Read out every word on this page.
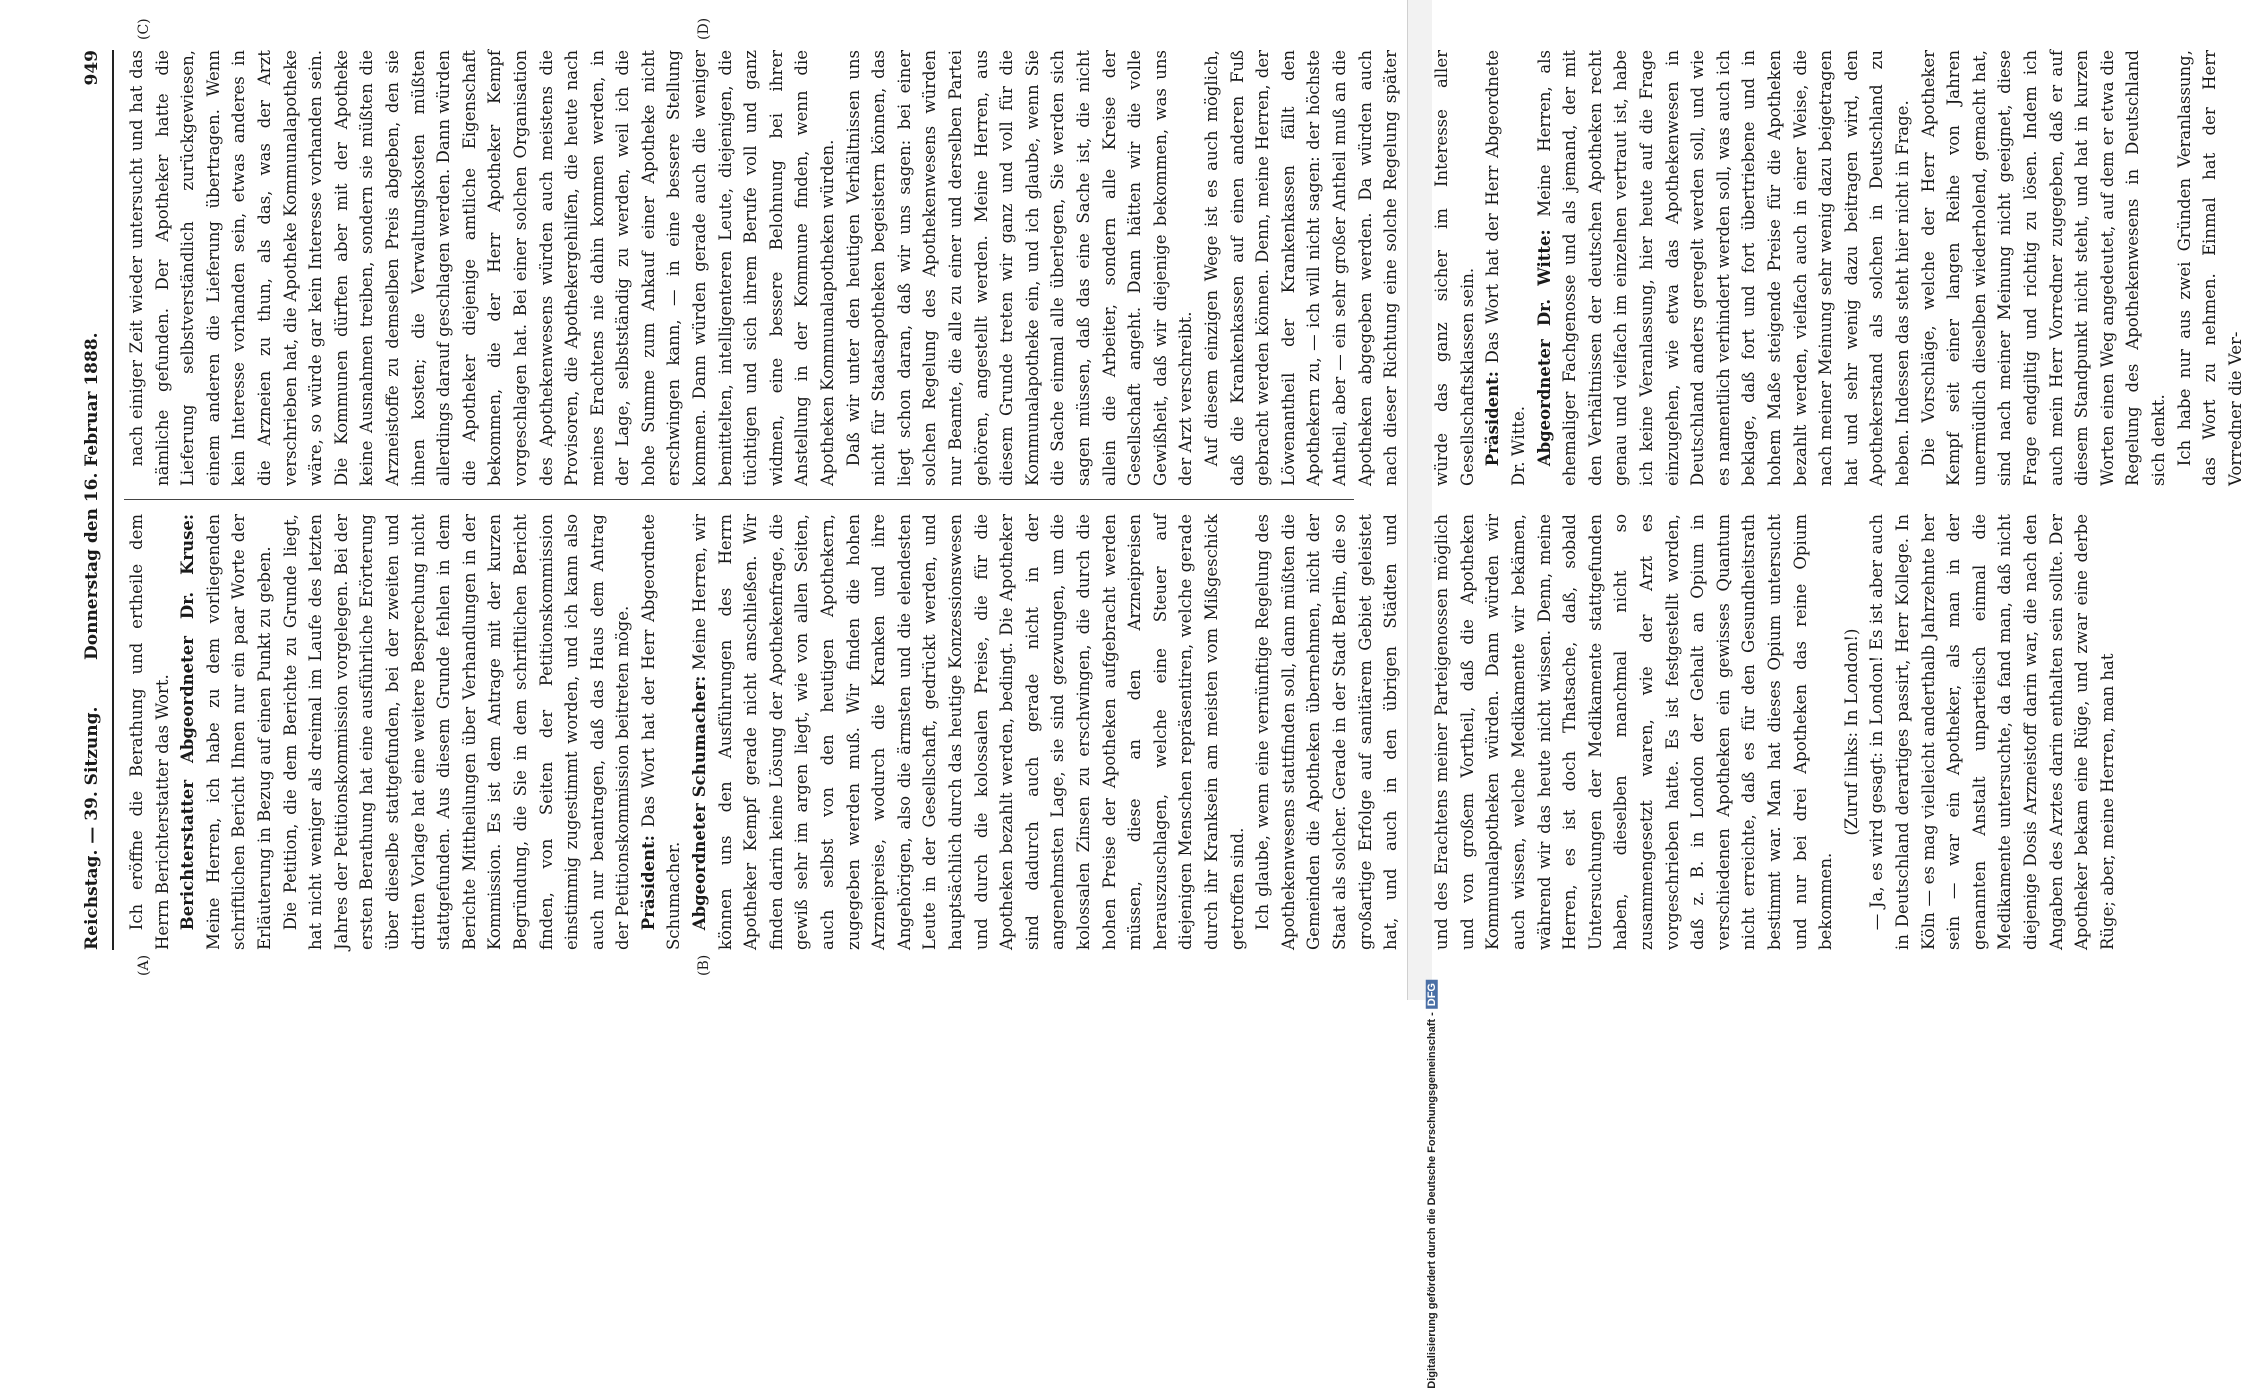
Reichstag. — 39. Sitzung.
Donnerstag den 16. Februar 1888.
949
(A)	(B)
(C)	(D)

Ich eröffne die Berathung und ertheile dem Herrn Berichterstatter das Wort. Berichterstatter Abgeordneter Dr. Kruse: Meine Herren, ich habe zu dem vorliegenden schriftlichen Bericht Ihnen nur ein paar Worte der Erläuterung in Bezug auf einen Punkt zu geben. Die Petition, die dem Berichte zu Grunde liegt, hat nicht weniger als dreimal im Laufe des letzten Jahres der Petitionskommission vorgelegen. Bei der ersten Berathung hat eine ausführliche Erörterung über dieselbe stattgefunden, bei der zweiten und dritten Vorlage hat eine weitere Besprechung nicht stattgefunden. Aus diesem Grunde fehlen in dem Berichte Mittheilungen über Verhandlungen in der Kommission. Es ist dem Antrage mit der kurzen Begründung, die Sie in dem schriftlichen Bericht finden, von Seiten der Petitionskommission einstimmig zugestimmt worden, und ich kann also auch nur beantragen, daß das Haus dem Antrag der Petitionskommission beitreten möge. Präsident: Das Wort hat der Herr Abgeordnete Schumacher. Abgeordneter Schumacher: Meine Herren, wir können uns den Ausführungen des Herrn Apotheker Kempf gerade nicht anschließen. Wir finden darin keine Lösung der Apothekenfrage, die gewiß sehr im argen liegt, wie von allen Seiten, auch selbst von den heutigen Apothekern, zugegeben werden muß. Wir finden die hohen Arzneipreise, wodurch die Kranken und ihre Angehörigen, also die ärmsten und die elendesten Leute in der Gesellschaft, gedrückt werden, und hauptsächlich durch das heutige Konzessionswesen und durch die kolossalen Preise, die für die Apotheken bezahlt werden, bedingt. Die Apotheker sind dadurch auch gerade nicht in der angenehmsten Lage, sie sind gezwungen, um die kolossalen Zinsen zu erschwingen, die durch die hohen Preise der Apotheken aufgebracht werden müssen, diese an den Arzneipreisen herauszuschlagen, welche eine Steuer auf diejenigen Menschen repräsentiren, welche gerade durch ihr Kranksein am meisten vom Mißgeschick getroffen sind. Ich glaube, wenn eine vernünftige Regelung des Apothekenwesens stattfinden soll, dann müßten die Gemeinden die Apotheken übernehmen, nicht der Staat als solcher. Gerade in der Stadt Berlin, die so großartige Erfolge auf sanitärem Gebiet geleistet hat, und auch in den übrigen Städten und und des Erachtens meiner Parteigenossen möglich und von großem Vortheil, daß die Apotheken Kommunalapotheken würden. Dann würden wir auch wissen, welche Medikamente wir bekämen, während wir das heute nicht wissen. Denn, meine Herren, es ist doch Thatsache, daß, sobald Untersuchungen der Medikamente stattgefunden haben, dieselben manchmal nicht so zusammengesetzt waren, wie der Arzt es vorgeschrieben hatte. Es ist festgestellt worden, daß z. B. in London der Gehalt an Opium in verschiedenen Apotheken ein gewisses Quantum nicht erreichte, daß es für den Gesundheitsrath bestimmt war. Man hat dieses Opium untersucht und nur bei drei Apotheken das reine Opium bekommen.

(Zuruf links: In London!) — Ja, es wird gesagt: in London! Es ist aber auch in Deutschland derartiges passirt, Herr Kollege. In Köln — es mag vielleicht anderthalb Jahrzehnte her sein — war ein Apotheker, als man in der genannten Anstalt unparteiisch einmal die Medikamente untersuchte, da fand man, daß nicht diejenige Dosis Arzneistoff darin war, die nach den Angaben des Arztes darin enthalten sein sollte. Der Apotheker bekam eine Rüge, und zwar eine derbe Rüge; aber, meine Herren, man hat

nach einiger Zeit wieder untersucht und hat das nämliche gefunden. Der Apotheker hatte die Lieferung selbstverständlich zurückgewiesen, einem anderen die Lieferung übertragen. Wenn kein Interesse vorhanden sein, etwas anderes in die Arzneien zu thun, als das, was der Arzt verschrieben hat, die Apotheke Kommunalapotheke wäre, so würde gar kein Interesse vorhanden sein. Die Kommunen dürften aber mit der Apotheke keine Ausnahmen treiben, sondern sie müßten die Arzneistoffe zu demselben Preis abgeben, den sie ihnen kosten; die Verwaltungskosten müßten allerdings darauf geschlagen werden. Dann würden die Apotheker diejenige amtliche Eigenschaft bekommen, die der Herr Apotheker Kempf vorgeschlagen hat. Bei einer solchen Organisation des Apothekenwesens würden auch meistens die Provisoren, die Apothekergehilfen, die heute nach meines Erachtens nie dahin kommen werden, in der Lage, selbstständig zu werden, weil ich die hohe Summe zum Ankauf einer Apotheke nicht erschwingen kann, — in eine bessere Stellung kommen. Dann würden gerade auch die weniger bemittelten, intelligenteren Leute, diejenigen, die tüchtigen und sich ihrem Berufe voll und ganz widmen, eine bessere Belohnung bei ihrer Anstellung in der Kommune finden, wenn die Apotheken Kommunalapotheken würden. Daß wir unter den heutigen Verhältnissen uns nicht für Staatsapotheken begeistern können, das liegt schon daran, daß wir uns sagen: bei einer solchen Regelung des Apothekenwesens würden nur Beamte, die alle zu einer und derselben Partei gehören, angestellt werden. Meine Herren, aus diesem Grunde treten wir ganz und voll für die Kommunalapotheke ein, und ich glaube, wenn Sie die Sache einmal alle überlegen, Sie werden sich sagen müssen, daß das eine Sache ist, die nicht allein die Arbeiter, sondern alle Kreise der Gesellschaft angeht. Dann hätten wir die volle Gewißheit, daß wir diejenige bekommen, was uns der Arzt verschreibt. Auf diesem einzigen Wege ist es auch möglich, daß die Krankenkassen auf einen anderen Fuß gebracht werden können. Denn, meine Herren, der Löwenantheil der Krankenkassen fällt den Apothekern zu, — ich will nicht sagen: der höchste Antheil, aber — ein sehr großer Antheil muß an die Apotheken abgegeben werden. Da würden auch nach dieser Richtung eine solche Regelung später würde das ganz sicher im Interesse aller Gesellschaftsklassen sein.

Präsident: Das Wort hat der Herr Abgeordnete Dr. Witte. Abgeordneter Dr. Witte: Meine Herren, als ehemaliger Fachgenosse und als jemand, der mit den Verhältnissen der deutschen Apotheken recht genau und vielfach im einzelnen vertraut ist, habe ich keine Veranlassung, hier heute auf die Frage einzugehen, wie etwa das Apothekenwesen in Deutschland anders geregelt werden soll, und wie es namentlich verhindert werden soll, was auch ich beklage, daß fort und fort übertriebene und in hohem Maße steigende Preise für die Apotheken bezahlt werden, vielfach auch in einer Weise, die nach meiner Meinung sehr wenig dazu beigetragen hat und sehr wenig dazu beitragen wird, den Apothekerstand als solchen in Deutschland zu heben. Indessen das steht hier nicht in Frage. Die Vorschläge, welche der Herr Apotheker Kempf seit einer langen Reihe von Jahren unermüdlich dieselben wiederholend, gemacht hat, sind nach meiner Meinung nicht geeignet, diese Frage endgiltig und richtig zu lösen. Indem ich auch mein Herr Vorredner zugegeben, daß er auf diesem Standpunkt nicht steht, und hat in kurzen Worten einen Weg angedeutet, auf dem er etwa die Regelung des Apothekenwesens in Deutschland sich denkt. Ich habe nur aus zwei Gründen Veranlassung, das Wort zu nehmen. Einmal hat der Herr Vorredner die Ver-

Digitalisierung gefördert durch die Deutsche Forschungsgemeinschaft -DFG
